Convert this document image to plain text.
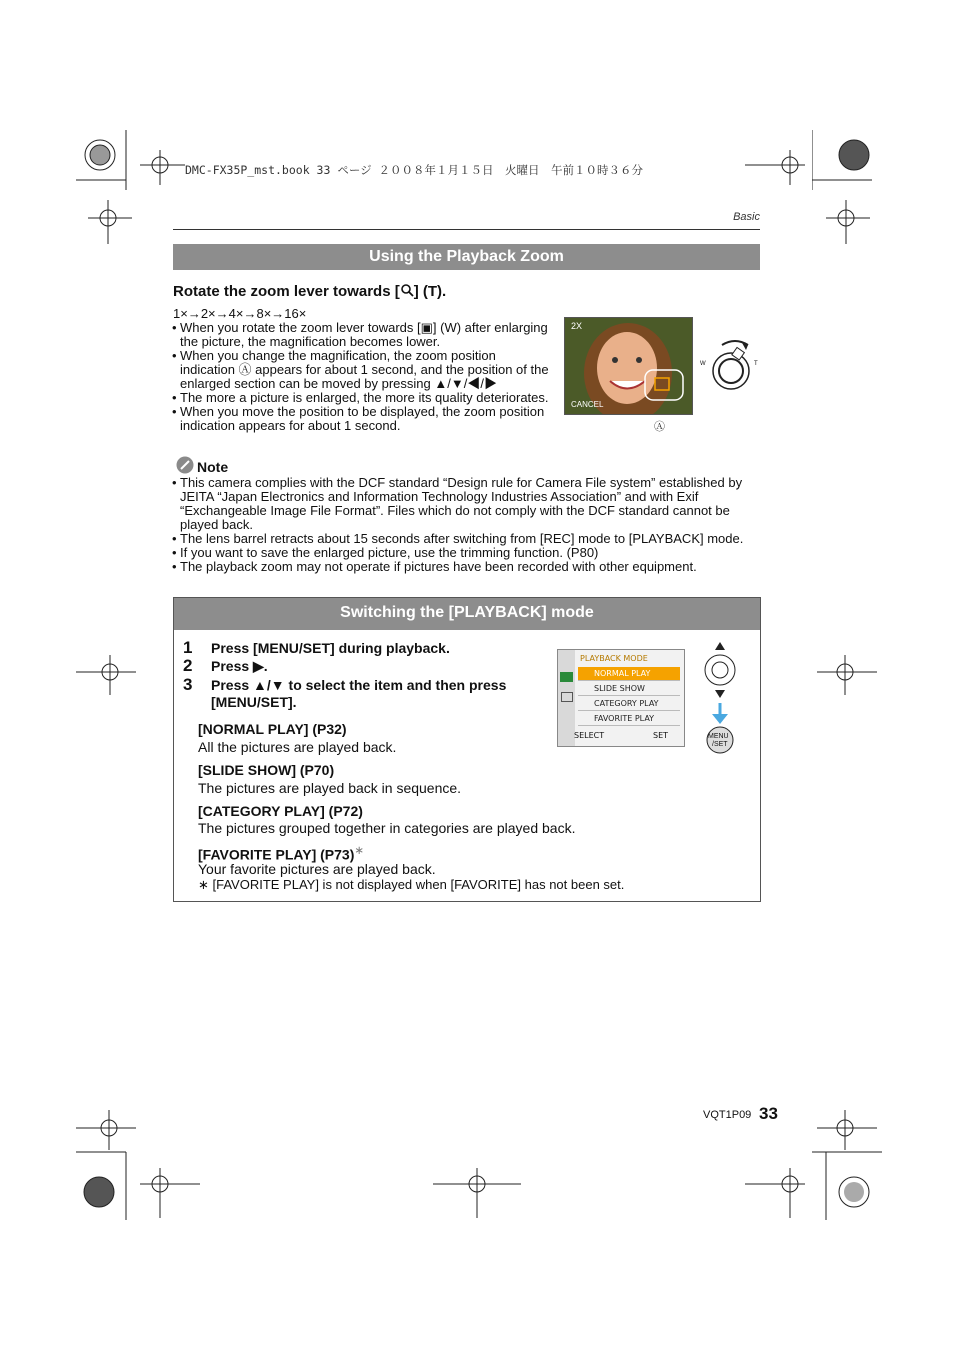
DMC-FX35P_mst.book 33 ページ ２００８年１月１５日　火曜日　午前１０時３６分
Basic
Using the Playback Zoom
Rotate the zoom lever towards [ ] (T).
1×→2×→4×→8×→16×
• When you rotate the zoom lever towards [▣] (W) after enlarging the picture, the magnification becomes lower.
• When you change the magnification, the zoom position indication Ⓐ appears for about 1 second, and the position of the enlarged section can be moved by pressing ▲/▼/◀/▶
• The more a picture is enlarged, the more its quality deteriorates.
• When you move the position to be displayed, the zoom position indication appears for about 1 second.
2X
CANCEL
Ⓐ
W	T
Note
• This camera complies with the DCF standard “Design rule for Camera File system” established by JEITA “Japan Electronics and Information Technology Industries Association” and with Exif “Exchangeable Image File Format”. Files which do not comply with the DCF standard cannot be played back.
• The lens barrel retracts about 15 seconds after switching from [REC] mode to [PLAYBACK] mode.
• If you want to save the enlarged picture, use the trimming function. (P80)
• The playback zoom may not operate if pictures have been recorded with other equipment.
Switching the [PLAYBACK] mode
1 Press [MENU/SET] during playback.
2 Press ▶.
3 Press ▲/▼ to select the item and then press [MENU/SET].
[NORMAL PLAY] (P32)
All the pictures are played back.
[SLIDE SHOW] (P70)
The pictures are played back in sequence.
[CATEGORY PLAY] (P72)
The pictures grouped together in categories are played back.
[FAVORITE PLAY] (P73)∗
Your favorite pictures are played back.
∗ [FAVORITE PLAY] is not displayed when [FAVORITE] has not been set.
PLAYBACK MODE
NORMAL PLAY
SLIDE SHOW
CATEGORY PLAY
FAVORITE PLAY
SELECT	SET	MENU
/SET
VQT1P09 33
